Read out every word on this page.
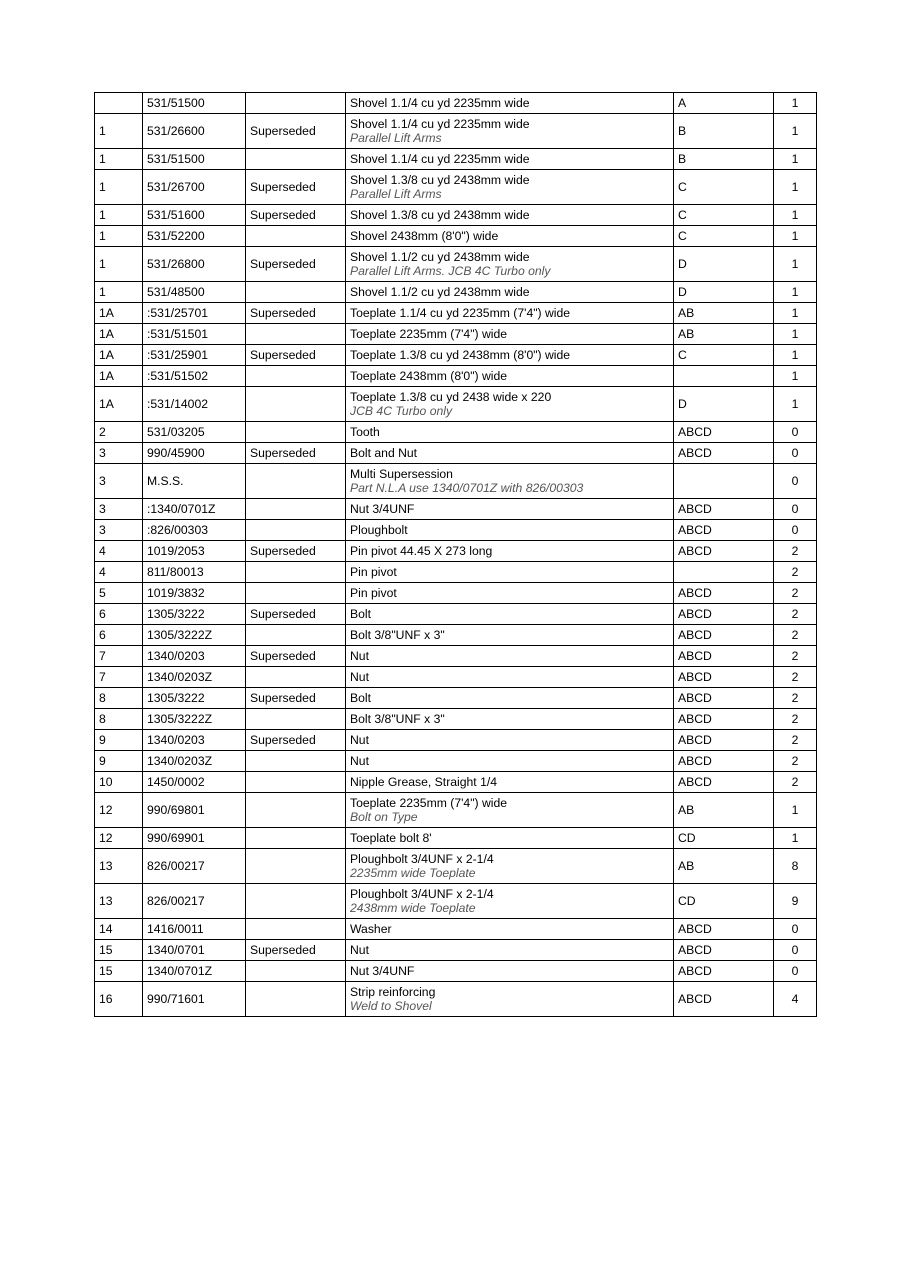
	531/51500		Shovel 1.1/4 cu yd 2235mm wide	A	1
1	531/26600	Superseded	Shovel 1.1/4 cu yd 2235mm wide
Parallel Lift Arms	B	1
1	531/51500		Shovel 1.1/4 cu yd 2235mm wide	B	1
1	531/26700	Superseded	Shovel 1.3/8 cu yd 2438mm wide
Parallel Lift Arms	C	1
1	531/51600	Superseded	Shovel 1.3/8 cu yd 2438mm wide	C	1
1	531/52200		Shovel 2438mm (8'0") wide	C	1
1	531/26800	Superseded	Shovel 1.1/2 cu yd 2438mm wide
Parallel Lift Arms. JCB 4C Turbo only	D	1
1	531/48500		Shovel 1.1/2 cu yd 2438mm wide	D	1
1A	:531/25701	Superseded	Toeplate 1.1/4 cu yd 2235mm (7'4") wide	AB	1
1A	:531/51501		Toeplate 2235mm (7'4") wide	AB	1
1A	:531/25901	Superseded	Toeplate 1.3/8 cu yd 2438mm (8'0") wide	C	1
1A	:531/51502		Toeplate 2438mm (8'0") wide		1
1A	:531/14002		Toeplate 1.3/8 cu yd 2438 wide x 220
JCB 4C Turbo only	D	1
2	531/03205		Tooth	ABCD	0
3	990/45900	Superseded	Bolt and Nut	ABCD	0
3	M.S.S.		Multi Supersession
Part N.L.A use 1340/0701Z with 826/00303		0
3	:1340/0701Z		Nut 3/4UNF	ABCD	0
3	:826/00303		Ploughbolt	ABCD	0
4	1019/2053	Superseded	Pin pivot 44.45 X 273 long	ABCD	2
4	811/80013		Pin pivot		2
5	1019/3832		Pin pivot	ABCD	2
6	1305/3222	Superseded	Bolt	ABCD	2
6	1305/3222Z		Bolt 3/8"UNF x 3"	ABCD	2
7	1340/0203	Superseded	Nut	ABCD	2
7	1340/0203Z		Nut	ABCD	2
8	1305/3222	Superseded	Bolt	ABCD	2
8	1305/3222Z		Bolt 3/8"UNF x 3"	ABCD	2
9	1340/0203	Superseded	Nut	ABCD	2
9	1340/0203Z		Nut	ABCD	2
10	1450/0002		Nipple Grease, Straight 1/4	ABCD	2
12	990/69801		Toeplate 2235mm (7'4") wide
Bolt on Type	AB	1
12	990/69901		Toeplate bolt 8'	CD	1
13	826/00217		Ploughbolt 3/4UNF x 2-1/4
2235mm wide Toeplate	AB	8
13	826/00217		Ploughbolt 3/4UNF x 2-1/4
2438mm wide Toeplate	CD	9
14	1416/0011		Washer	ABCD	0
15	1340/0701	Superseded	Nut	ABCD	0
15	1340/0701Z		Nut 3/4UNF	ABCD	0
16	990/71601		Strip reinforcing
Weld to Shovel	ABCD	4
